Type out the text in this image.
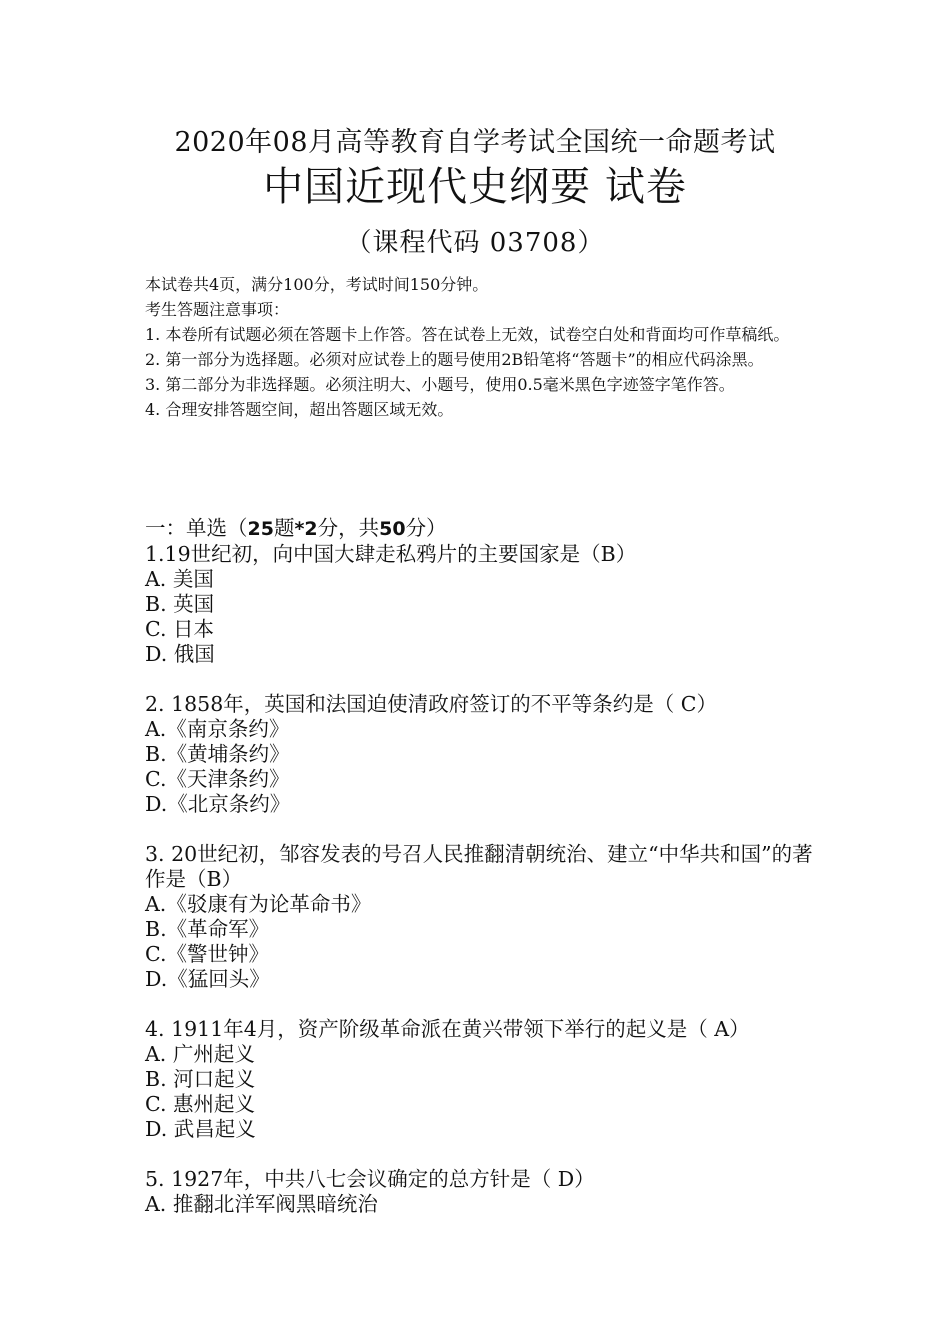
2020年08月高等教育自学考试全国统一命题考试
中国近现代史纲要 试卷
（课程代码 03708）
本试卷共4页，满分100分，考试时间150分钟。
考生答题注意事项：
1. 本卷所有试题必须在答题卡上作答。答在试卷上无效，试卷空白处和背面均可作草稿纸。
2. 第一部分为选择题。必须对应试卷上的题号使用2B铅笔将“答题卡”的相应代码涂黑。
3. 第二部分为非选择题。必须注明大、小题号，使用0.5毫米黑色字迹签字笔作答。
4. 合理安排答题空间，超出答题区域无效。
一：单选（25题*2分，共50分）
1.19世纪初，向中国大肆走私鸦片的主要国家是（B）
A. 美国
B. 英国
C. 日本
D. 俄国
2. 1858年，英国和法国迫使清政府签订的不平等条约是（ C）
A.《南京条约》
B.《黄埔条约》
C.《天津条约》
D.《北京条约》
3. 20世纪初，邹容发表的号召人民推翻清朝统治、建立“中华共和国”的著作是（B）
A.《驳康有为论革命书》
B.《革命军》
C.《警世钟》
D.《猛回头》
4. 1911年4月，资产阶级革命派在黄兴带领下举行的起义是（ A）
A. 广州起义
B. 河口起义
C. 惠州起义
D. 武昌起义
5. 1927年，中共八七会议确定的总方针是（ D）
A. 推翻北洋军阀黑暗统治
